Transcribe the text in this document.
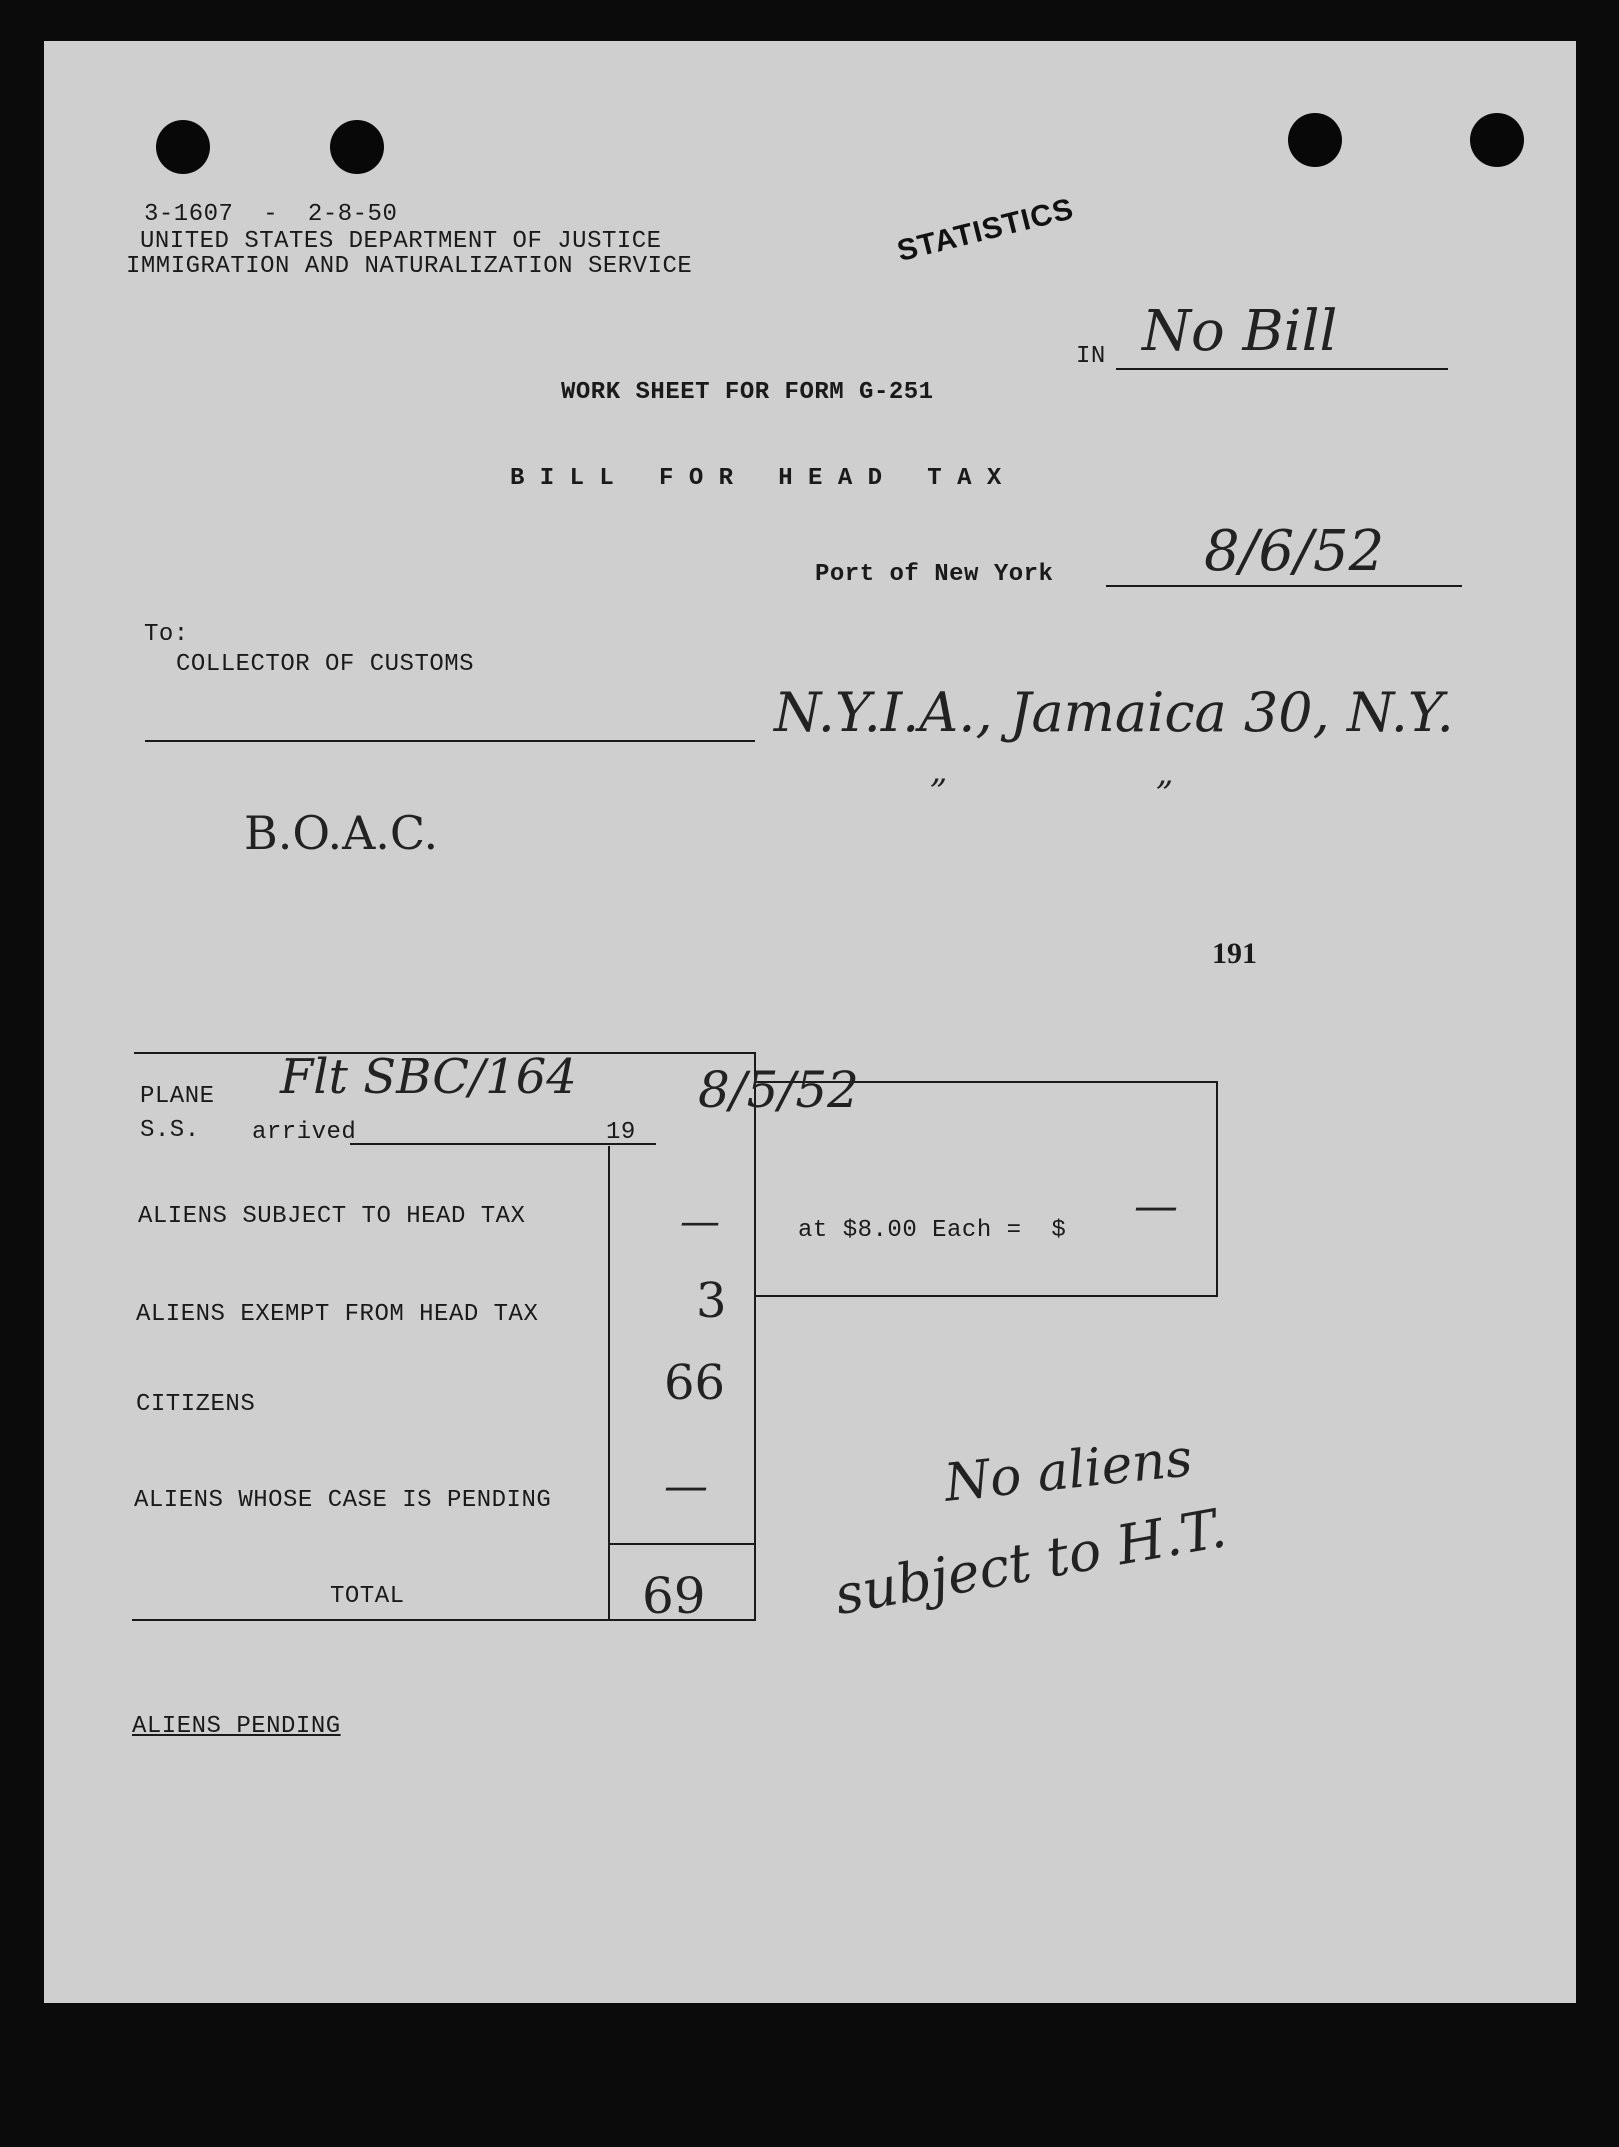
3-1607  -  2-8-50
UNITED STATES DEPARTMENT OF JUSTICE
IMMIGRATION AND NATURALIZATION SERVICE	STATISTICS
IN No Bill
WORK SHEET FOR FORM G-251
B I L L   F O R   H E A D   T A X
Port of New York	8/6/52
To:
COLLECTOR OF CUSTOMS
N.Y.I.A., Jamaica 30, N.Y.
„	„
B.O.A.C.
191
PLANE
S.S. arrived	19
Flt SBC/164 8/5/52
ALIENS SUBJECT TO HEAD TAX	—
ALIENS EXEMPT FROM HEAD TAX	3
CITIZENS	66
ALIENS WHOSE CASE IS PENDING	—
TOTAL	69
at $8.00 Each =  $ —
No aliens
subject to H.T.
ALIENS PENDING
